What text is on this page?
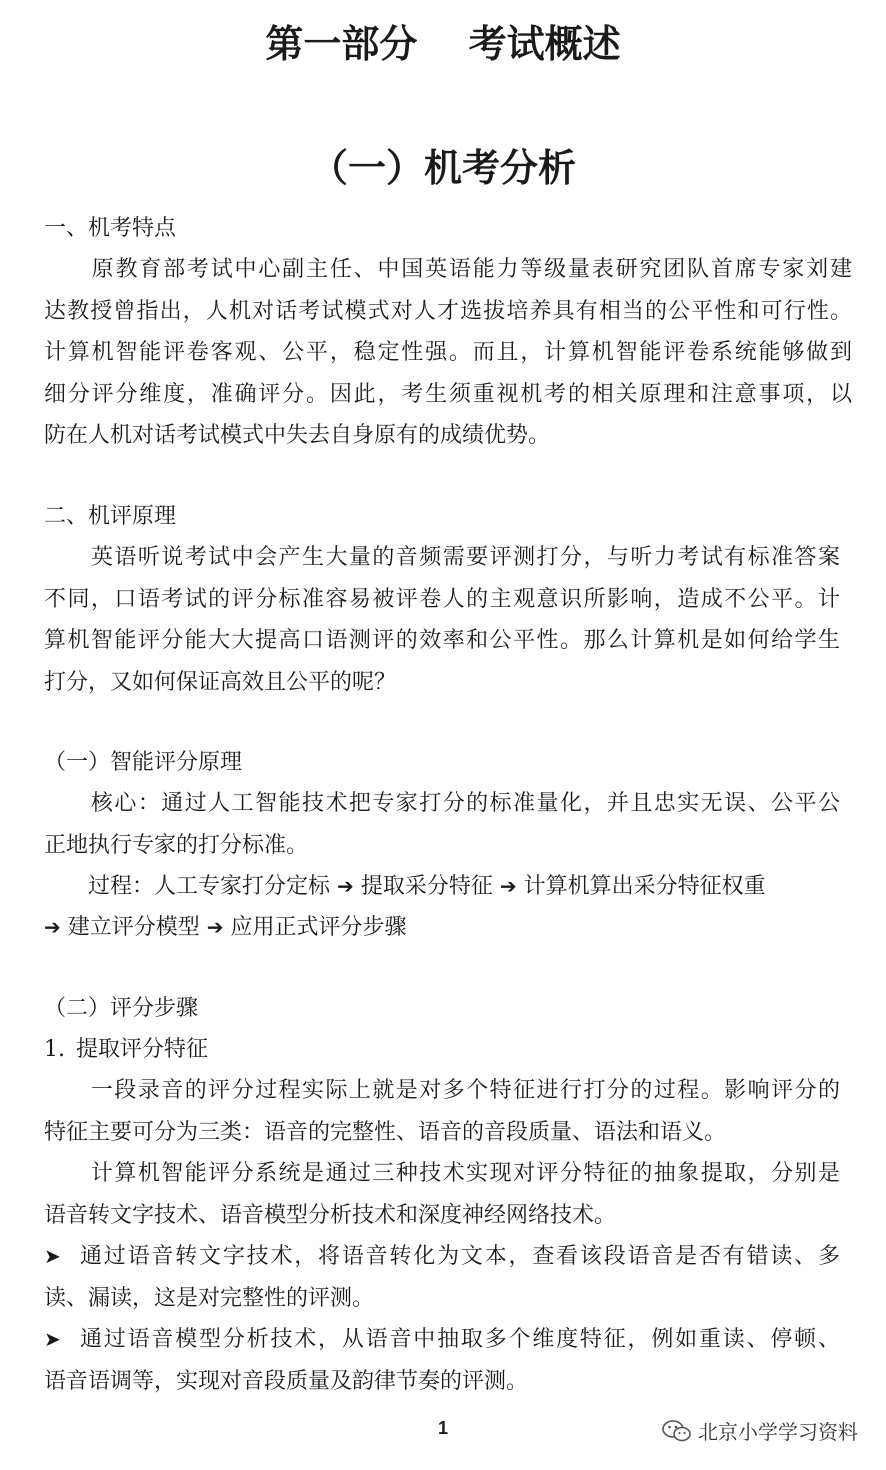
第一部分　 考试概述
（一）机考分析
一、机考特点
　　原教育部考试中心副主任、中国英语能力等级量表研究团队首席专家刘建
达教授曾指出，人机对话考试模式对人才选拔培养具有相当的公平性和可行性。
计算机智能评卷客观、公平，稳定性强。而且，计算机智能评卷系统能够做到
细分评分维度，准确评分。因此，考生须重视机考的相关原理和注意事项，以
防在人机对话考试模式中失去自身原有的成绩优势。
二、机评原理
　　英语听说考试中会产生大量的音频需要评测打分，与听力考试有标准答案
不同，口语考试的评分标准容易被评卷人的主观意识所影响，造成不公平。计
算机智能评分能大大提高口语测评的效率和公平性。那么计算机是如何给学生
打分，又如何保证高效且公平的呢？
（一）智能评分原理
　　核心：通过人工智能技术把专家打分的标准量化，并且忠实无误、公平公
正地执行专家的打分标准。
　　过程：人工专家打分定标 ➔ 提取采分特征 ➔ 计算机算出采分特征权重
➔ 建立评分模型 ➔ 应用正式评分步骤
（二）评分步骤
1. 提取评分特征
　　一段录音的评分过程实际上就是对多个特征进行打分的过程。影响评分的
特征主要可分为三类：语音的完整性、语音的音段质量、语法和语义。
　　计算机智能评分系统是通过三种技术实现对评分特征的抽象提取，分别是
语音转文字技术、语音模型分析技术和深度神经网络技术。
➤ 通过语音转文字技术，将语音转化为文本，查看该段语音是否有错读、多
读、漏读，这是对完整性的评测。
➤ 通过语音模型分析技术，从语音中抽取多个维度特征，例如重读、停顿、
语音语调等，实现对音段质量及韵律节奏的评测。
1	北京小学学习资料
